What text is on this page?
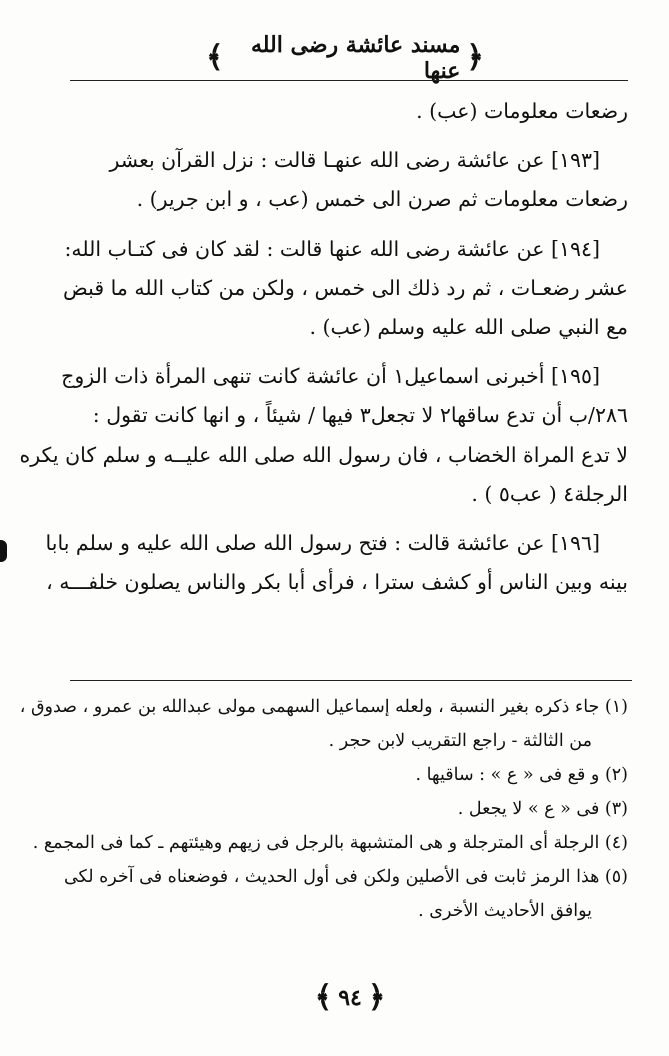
﴿
مسند عائشة رضى الله عنها
﴾
رضعات معلومات (عب) .
[١٩٣] عن عائشة رضى الله عنهـا قالت : نزل القرآن بعشر
رضعات معلومات ثم صرن الى خمس (عب ، و ابن جرير) .
[١٩٤] عن عائشة رضى الله عنها قالت : لقد كان فى كتـاب الله:
عشر رضعـات ، ثم رد ذلك الى خمس ، ولكن من كتاب الله ما قبض
مع النبي صلى الله عليه وسلم (عب) .
[١٩٥] أخبرنى اسماعيل١ أن عائشة كانت تنهى المرأة ذات الزوج
٢٨٦/ب أن تدع ساقها٢ لا تجعل٣ فيها / شيئاً ، و انها كانت تقول :
لا تدع المراة الخضاب ، فان رسول الله صلى الله عليــه و سلم كان يكره
الرجلة٤ ( عب٥ ) .
[١٩٦] عن عائشة قالت : فتح رسول الله صلى الله عليه و سلم بابا
بينه وبين الناس أو كشف سترا ، فرأى أبا بكر والناس يصلون خلفـــه ،
(١) جاء ذكره بغير النسبة ، ولعله إسماعيل السهمى مولى عبدالله بن عمرو ، صدوق ،
من الثالثة - راجع التقريب لابن حجر .
(٢) و قع فى « ع » : ساقيها .
(٣) فى « ع » لا يجعل .
(٤) الرجلة أى المترجلة و هى المتشبهة بالرجل فى زيهم وهيئتهم ـ كما فى المجمع .
(٥) هذا الرمز ثابت فى الأصلين ولكن فى أول الحديث ، فوضعناه فى آخره لكى
يوافق الأحاديث الأخرى .
﴿
٩٤
﴾
